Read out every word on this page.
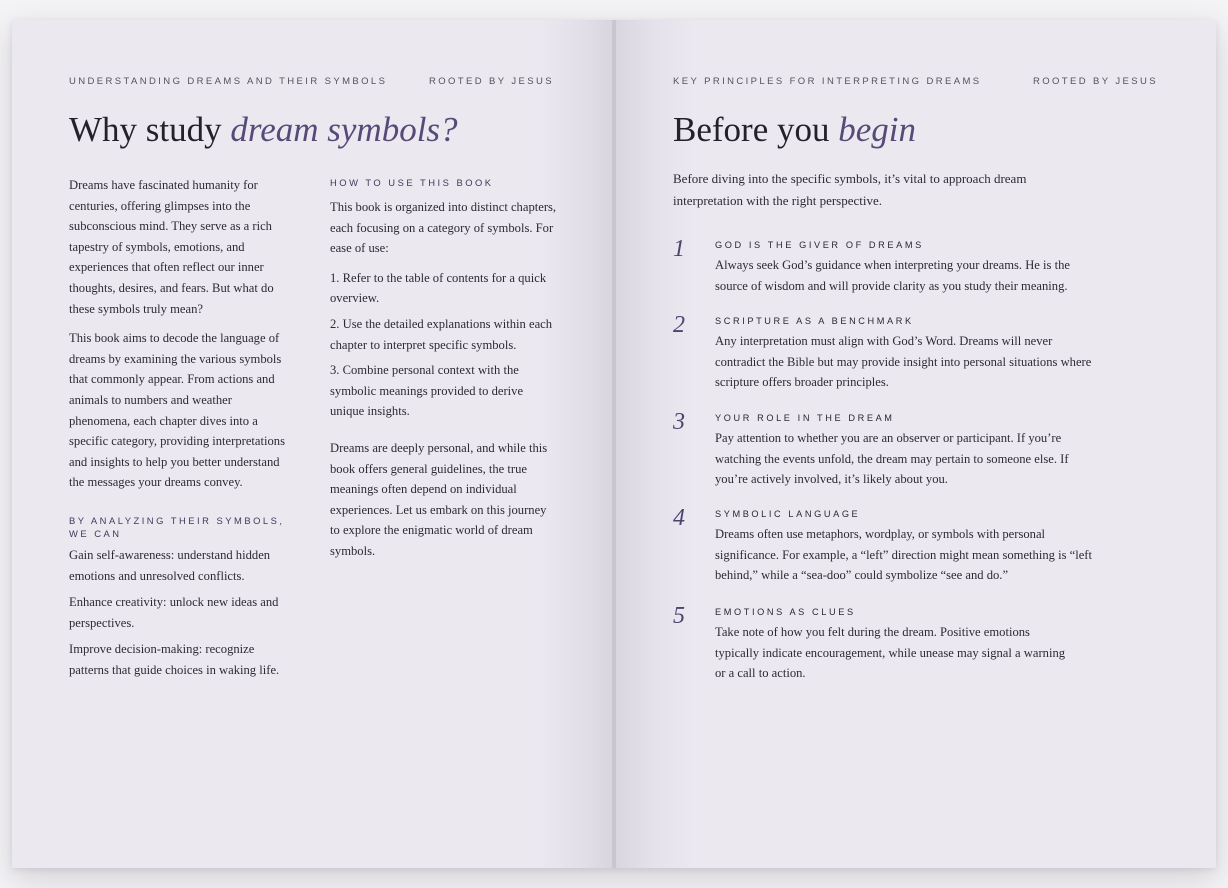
UNDERSTANDING DREAMS AND THEIR SYMBOLS	ROOTED BY JESUS
Why study dream symbols?

Dreams have fascinated humanity for centuries, offering glimpses into the subconscious mind. They serve as a rich tapestry of symbols, emotions, and experiences that often reflect our inner thoughts, desires, and fears. But what do these symbols truly mean?

This book aims to decode the language of dreams by examining the various symbols that commonly appear. From actions and animals to numbers and weather phenomena, each chapter dives into a specific category, providing interpretations and insights to help you better understand the messages your dreams convey.

BY ANALYZING THEIR SYMBOLS, WE CAN

Gain self-awareness: understand hidden emotions and unresolved conflicts.

Enhance creativity: unlock new ideas and perspectives.

Improve decision-making: recognize patterns that guide choices in waking life.

HOW TO USE THIS BOOK

This book is organized into distinct chapters, each focusing on a category of symbols. For ease of use:

1. Refer to the table of contents for a quick overview.

2. Use the detailed explanations within each chapter to interpret specific symbols.

3. Combine personal context with the symbolic meanings provided to derive unique insights.

Dreams are deeply personal, and while this book offers general guidelines, the true meanings often depend on individual experiences. Let us embark on this journey to explore the enigmatic world of dream symbols.

KEY PRINCIPLES FOR INTERPRETING DREAMS	ROOTED BY JESUS
Before you begin

Before diving into the specific symbols, it’s vital to approach dream interpretation with the right perspective.

1	GOD IS THE GIVER OF DREAMS

Always seek God’s guidance when interpreting your dreams. He is the source of wisdom and will provide clarity as you study their meaning.

2	SCRIPTURE AS A BENCHMARK

Any interpretation must align with God’s Word. Dreams will never contradict the Bible but may provide insight into personal situations where scripture offers broader principles.

3	YOUR ROLE IN THE DREAM

Pay attention to whether you are an observer or participant. If you’re watching the events unfold, the dream may pertain to someone else. If you’re actively involved, it’s likely about you.

4	SYMBOLIC LANGUAGE

Dreams often use metaphors, wordplay, or symbols with personal significance. For example, a “left” direction might mean something is “left behind,” while a “sea-doo” could symbolize “see and do.”

5	EMOTIONS AS CLUES

Take note of how you felt during the dream. Positive emotions typically indicate encouragement, while unease may signal a warning or a call to action.
